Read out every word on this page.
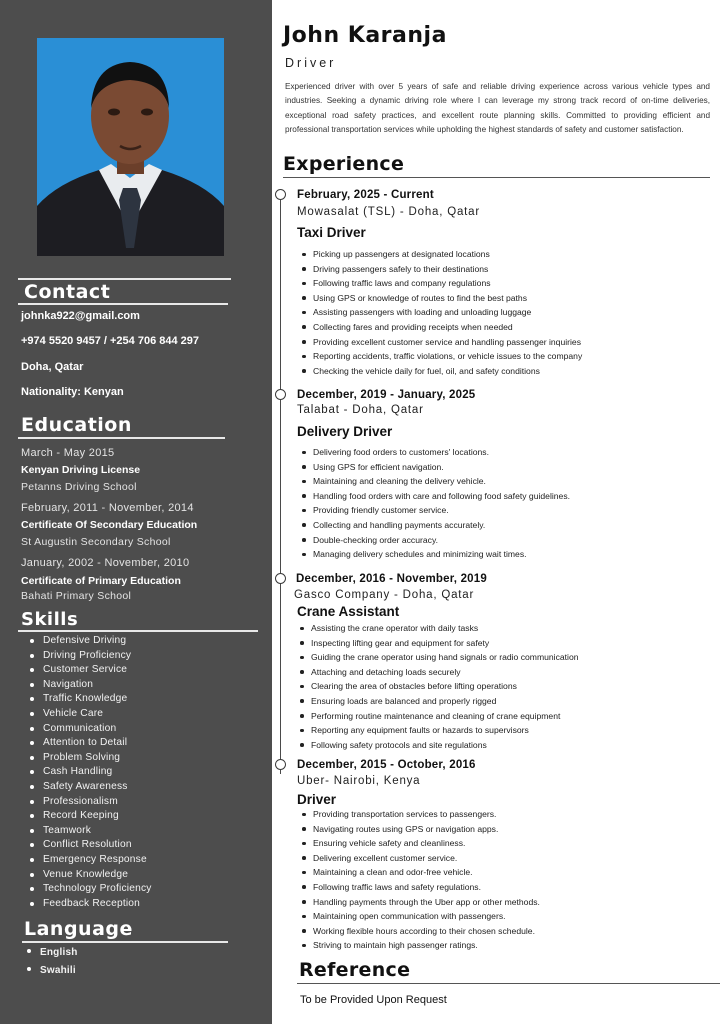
Contact
johnka922@gmail.com
+974 5520 9457 / +254 706 844 297
Doha, Qatar
Nationality: Kenyan
Education
March - May 2015
Kenyan Driving License
Petanns Driving School
February, 2011 - November, 2014
Certificate Of Secondary Education
St Augustin Secondary School
January, 2002 - November, 2010
Certificate of Primary Education
Bahati Primary School
Skills
Defensive Driving
Driving Proficiency
Customer Service
Navigation
Traffic Knowledge
Vehicle Care
Communication
Attention to Detail
Problem Solving
Cash Handling
Safety Awareness
Professionalism
Record Keeping
Teamwork
Conflict Resolution
Emergency Response
Venue Knowledge
Technology Proficiency
Feedback Reception
Language
English
Swahili
John Karanja
Driver

Experienced driver with over 5 years of safe and reliable driving experience across various vehicle types and industries. Seeking a dynamic driving role where I can leverage my strong track record of on-time deliveries, exceptional road safety practices, and excellent route planning skills. Committed to providing efficient and professional transportation services while upholding the highest standards of safety and customer satisfaction.

Experience
February, 2025 - Current
Mowasalat (TSL) - Doha, Qatar
Taxi Driver
Picking up passengers at designated locations
Driving passengers safely to their destinations
Following traffic laws and company regulations
Using GPS or knowledge of routes to find the best paths
Assisting passengers with loading and unloading luggage
Collecting fares and providing receipts when needed
Providing excellent customer service and handling passenger inquiries
Reporting accidents, traffic violations, or vehicle issues to the company
Checking the vehicle daily for fuel, oil, and safety conditions
December, 2019 - January, 2025
Talabat - Doha, Qatar
Delivery Driver
Delivering food orders to customers' locations.
Using GPS for efficient navigation.
Maintaining and cleaning the delivery vehicle.
Handling food orders with care and following food safety guidelines.
Providing friendly customer service.
Collecting and handling payments accurately.
Double-checking order accuracy.
Managing delivery schedules and minimizing wait times.
December, 2016 - November, 2019
Gasco Company - Doha, Qatar
Crane Assistant
Assisting the crane operator with daily tasks
Inspecting lifting gear and equipment for safety
Guiding the crane operator using hand signals or radio communication
Attaching and detaching loads securely
Clearing the area of obstacles before lifting operations
Ensuring loads are balanced and properly rigged
Performing routine maintenance and cleaning of crane equipment
Reporting any equipment faults or hazards to supervisors
Following safety protocols and site regulations
December, 2015 - October, 2016
Uber- Nairobi, Kenya
Driver
Providing transportation services to passengers.
Navigating routes using GPS or navigation apps.
Ensuring vehicle safety and cleanliness.
Delivering excellent customer service.
Maintaining a clean and odor-free vehicle.
Following traffic laws and safety regulations.
Handling payments through the Uber app or other methods.
Maintaining open communication with passengers.
Working flexible hours according to their chosen schedule.
Striving to maintain high passenger ratings.
Reference
To be Provided Upon Request
